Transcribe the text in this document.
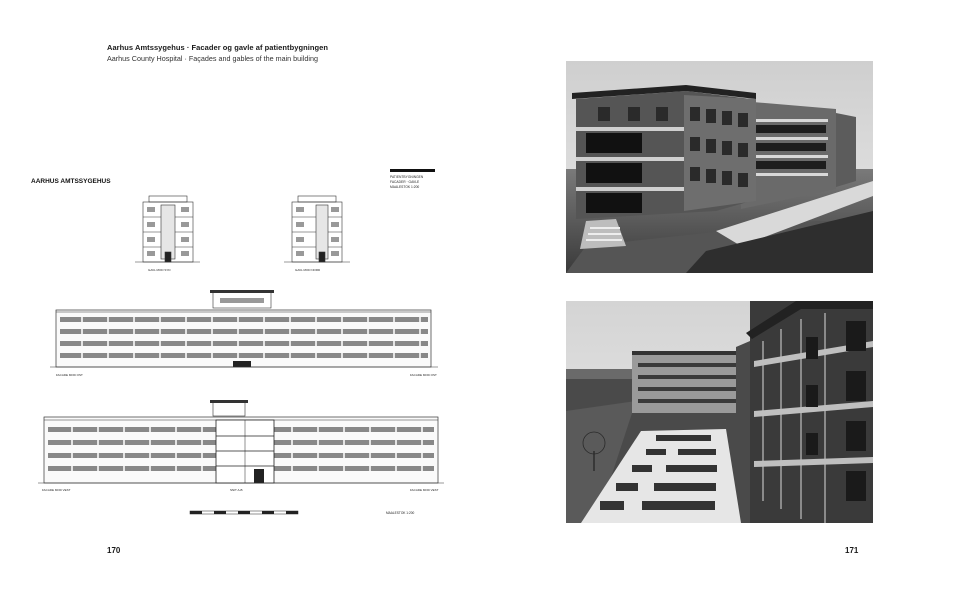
Aarhus Amtssygehus · Facader og gavle af patientbygningen
Aarhus County Hospital · Façades and gables of the main building
AARHUS AMTSSYGEHUS
PATIENTBYGNINGEN
FACADER · GAVLE
MAALESTOK 1:200
GAVL MOD SYD	GAVL MOD NORD
FACADE MOD OST	FACADE MOD OST
FACADE MOD VEST	SNIT A-B	FACADE MOD VEST
MAALESTOK 1:200
170	171
